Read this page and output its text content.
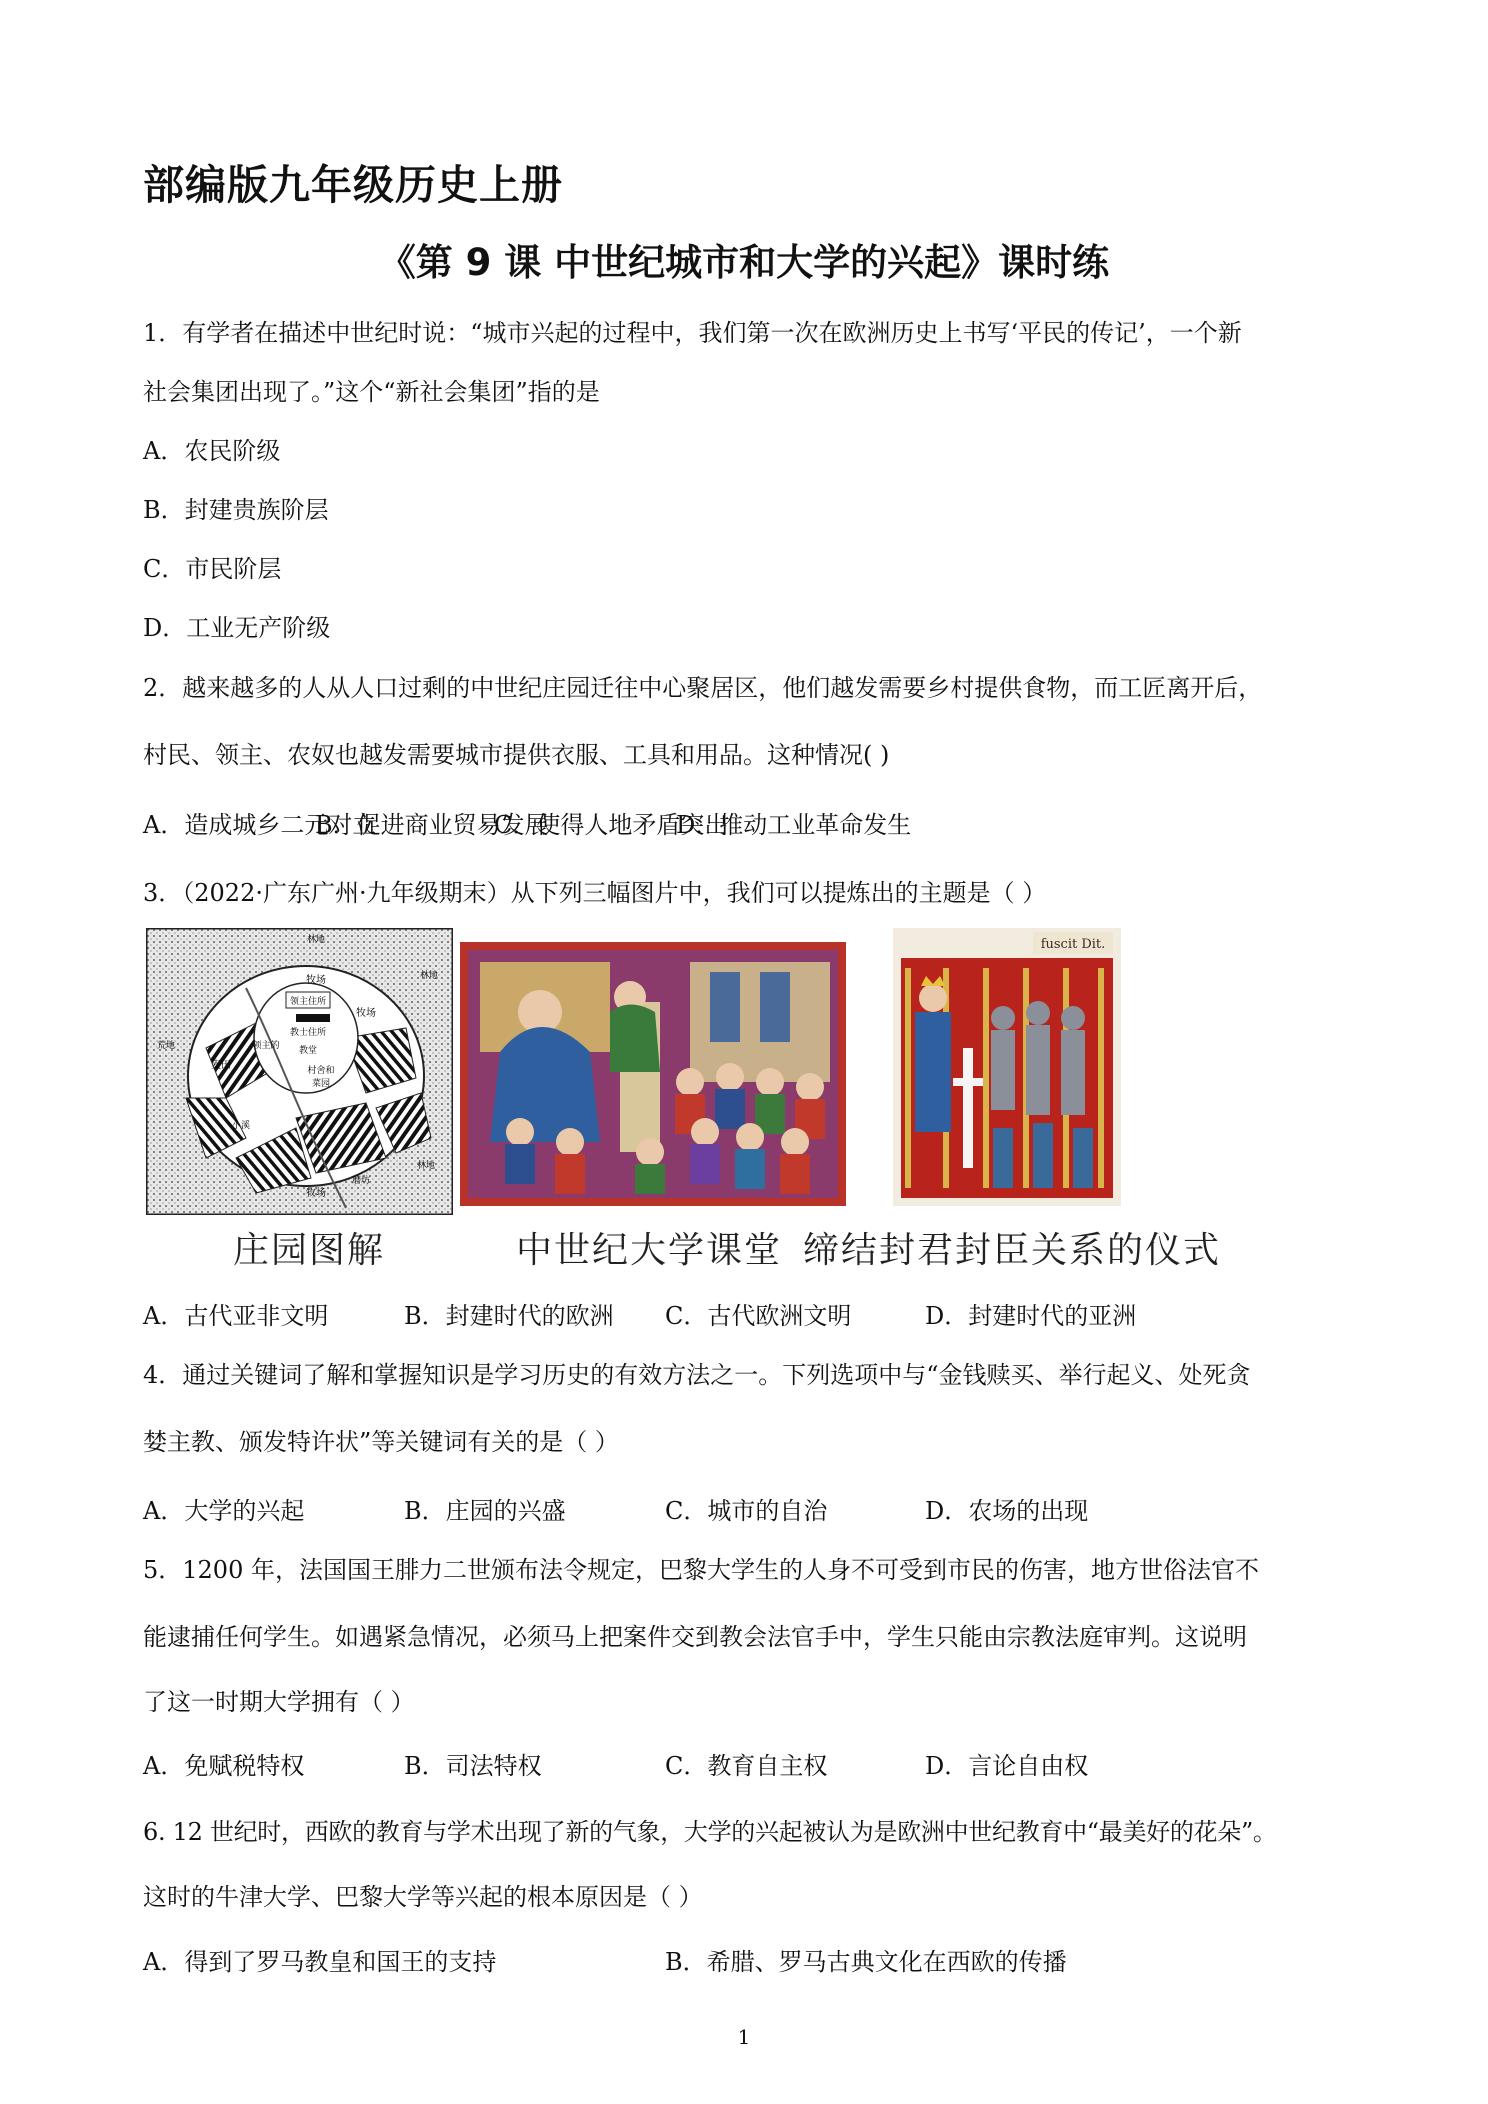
部编版九年级历史上册
《第 9 课 中世纪城市和大学的兴起》课时练
1．有学者在描述中世纪时说：“城市兴起的过程中，我们第一次在欧洲历史上书写‘平民的传记’，一个新
社会集团出现了。”这个“新社会集团”指的是
A．农民阶级
B．封建贵族阶层
C．市民阶层
D．工业无产阶级
2．越来越多的人从人口过剩的中世纪庄园迁往中心聚居区，他们越发需要乡村提供食物，而工匠离开后，
村民、领主、农奴也越发需要城市提供衣服、工具和用品。这种情况( )
A．造成城乡二元对立
B．促进商业贸易发展
C．使得人地矛盾突出
D．推动工业革命发生
3．（2022·广东广州·九年级期末）从下列三幅图片中，我们可以提炼出的主题是（ ）
林地
牧场
领主住所
教士住所
教堂
领主的
村舍和
菜园
麦田
牧场
林地
林地
小溪
牧场
荒地
磨坊
fuscit Dit.
庄园图解	中世纪大学课堂 缔结封君封臣关系的仪式
A．古代亚非文明	B．封建时代的欧洲 C．古代欧洲文明	D．封建时代的亚洲
4．通过关键词了解和掌握知识是学习历史的有效方法之一。下列选项中与“金钱赎买、举行起义、处死贪
婪主教、颁发特许状”等关键词有关的是（ ）
A．大学的兴起	B．庄园的兴盛	C．城市的自治	D．农场的出现
5．1200 年，法国国王腓力二世颁布法令规定，巴黎大学生的人身不可受到市民的伤害，地方世俗法官不
能逮捕任何学生。如遇紧急情况，必须马上把案件交到教会法官手中，学生只能由宗教法庭审判。这说明
了这一时期大学拥有（ ）
A．免赋税特权	B．司法特权	C．教育自主权	D．言论自由权
6. 12 世纪时，西欧的教育与学术出现了新的气象，大学的兴起被认为是欧洲中世纪教育中“最美好的花朵”。
这时的牛津大学、巴黎大学等兴起的根本原因是（ ）
A．得到了罗马教皇和国王的支持	B．希腊、罗马古典文化在西欧的传播
1
